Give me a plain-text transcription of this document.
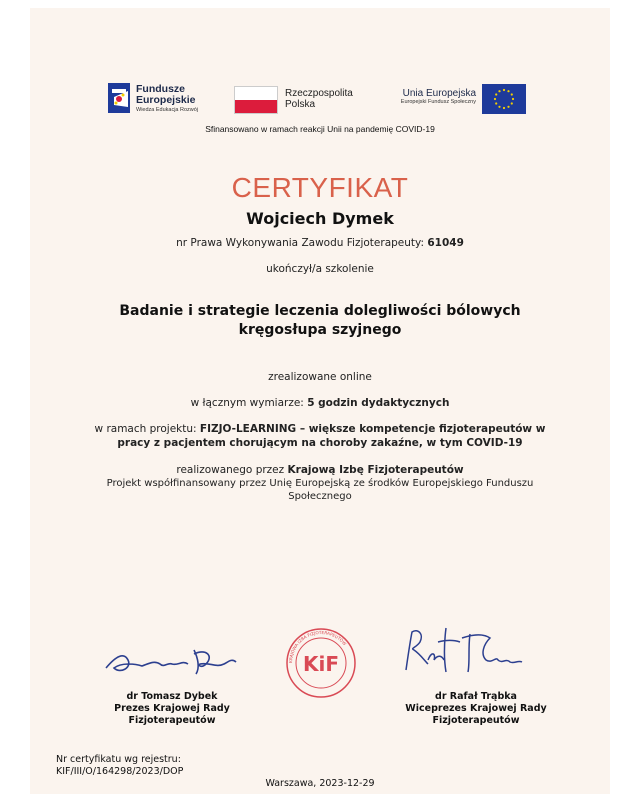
Fundusze
Europejskie
Wiedza Edukacja Rozwój
Rzeczpospolita
Polska
Unia Europejska
Europejski Fundusz Społeczny
Sfinansowano w ramach reakcji Unii na pandemię COVID-19
CERTYFIKAT
Wojciech Dymek
nr Prawa Wykonywania Zawodu Fizjoterapeuty: 61049
ukończył/a szkolenie
Badanie i strategie leczenia dolegliwości bólowych
kręgosłupa szyjnego
zrealizowane online
w łącznym wymiarze: 5 godzin dydaktycznych
w ramach projektu: FIZJO-LEARNING – większe kompetencje fizjoterapeutów w
pracy z pacjentem chorującym na choroby zakaźne, w tym COVID-19
realizowanego przez Krajową Izbę Fizjoterapeutów
Projekt współfinansowany przez Unię Europejską ze środków Europejskiego Funduszu
Społecznego
dr Tomasz Dybek
Prezes Krajowej Rady
Fizjoterapeutów
KRAJOWA IZBA FIZJOTERAPEUTÓW
KiF
dr Rafał Trąbka
Wiceprezes Krajowej Rady
Fizjoterapeutów
Nr certyfikatu wg rejestru:
KIF/III/O/164298/2023/DOP
Warszawa, 2023-12-29
